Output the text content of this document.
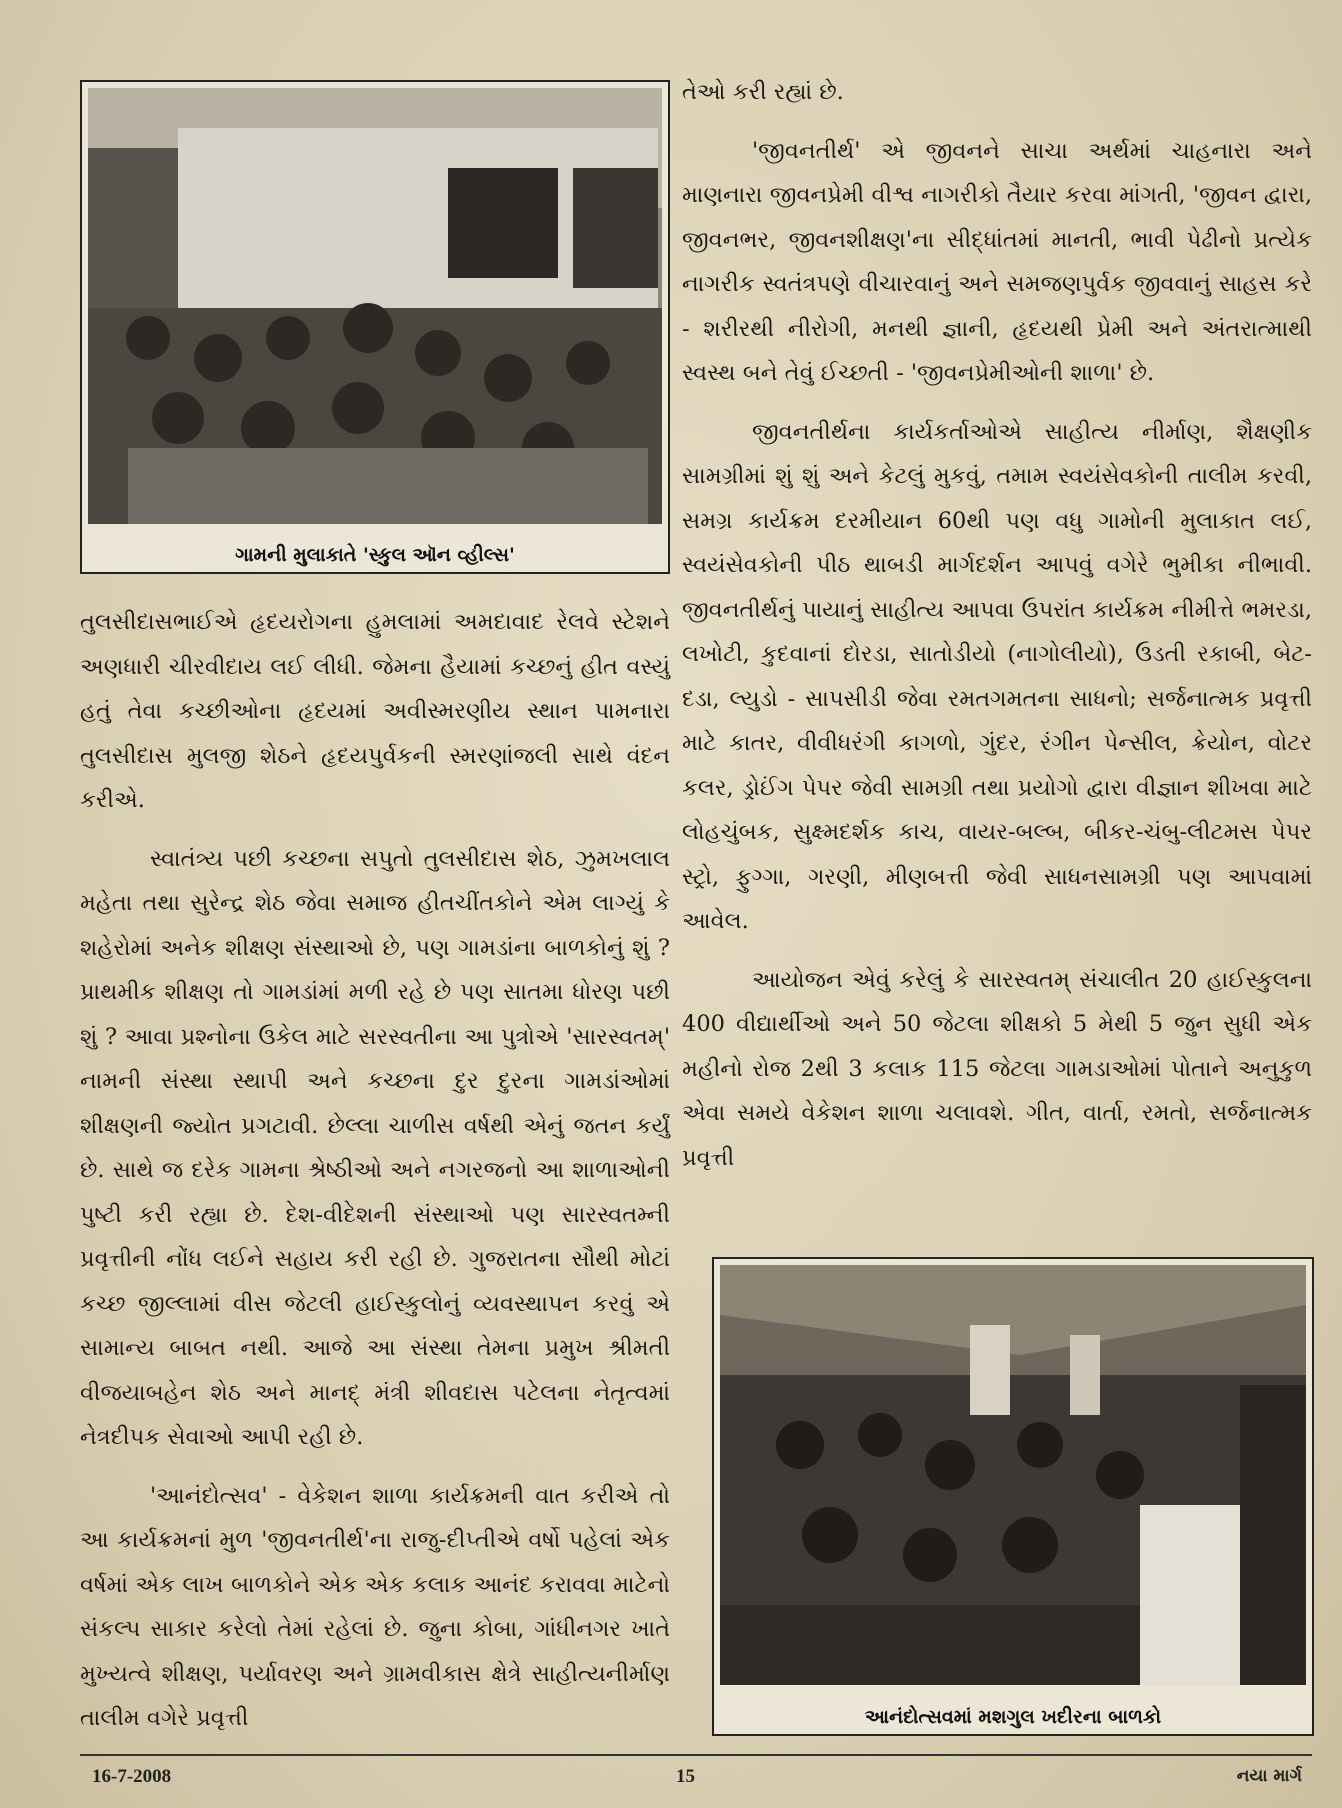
ગામની મુલાકાતે 'સ્કુલ ઑન વ્હીલ્સ'

તુલસીદાસભાઈએ હૃદયરોગના હુમલામાં અમદાવાદ રેલવે સ્ટેશને અણધારી ચીરવીદાય લઈ લીધી. જેમના હૈયામાં કચ્છનું હીત વસ્યું હતું તેવા કચ્છીઓના હૃદયમાં અવીસ્મરણીય સ્થાન પામનારા તુલસીદાસ મુલજી શેઠને હૃદયપુર્વકની સ્મરણાંજલી સાથે વંદન કરીએ.

સ્વાતંત્ર્ય પછી કચ્છના સપુતો તુલસીદાસ શેઠ, ઝુમખલાલ મહેતા તથા સુરેન્દ્ર શેઠ જેવા સમાજ હીતચીંતકોને એમ લાગ્યું કે શહેરોમાં અનેક શીક્ષણ સંસ્થાઓ છે, પણ ગામડાંના બાળકોનું શું ? પ્રાથમીક શીક્ષણ તો ગામડાંમાં મળી રહે છે પણ સાતમા ધોરણ પછી શું ? આવા પ્રશ્નોના ઉકેલ માટે સરસ્વતીના આ પુત્રોએ 'સારસ્વતમ્' નામની સંસ્થા સ્થાપી અને કચ્છના દુર દુરના ગામડાંઓમાં શીક્ષણની જ્યોત પ્રગટાવી. છેલ્લા ચાળીસ વર્ષથી એનું જતન કર્યું છે. સાથે જ દરેક ગામના શ્રેષ્ઠીઓ અને નગરજનો આ શાળાઓની પુષ્ટી કરી રહ્યા છે. દેશ-વીદેશની સંસ્થાઓ પણ સારસ્વતમ્ની પ્રવૃત્તીની નોંધ લઈને સહાય કરી રહી છે. ગુજરાતના સૌથી મોટાં કચ્છ જીલ્લામાં વીસ જેટલી હાઈસ્કુલોનું વ્યવસ્થાપન કરવું એ સામાન્ય બાબત નથી. આજે આ સંસ્થા તેમના પ્રમુખ શ્રીમતી વીજયાબહેન શેઠ અને માનદ્ મંત્રી શીવદાસ પટેલના નેતૃત્વમાં નેત્રદીપક સેવાઓ આપી રહી છે.

'આનંદોત્સવ' - વેકેશન શાળા કાર્યક્રમની વાત કરીએ તો આ કાર્યક્રમનાં મુળ 'જીવનતીર્થ'ના રાજુ-દીપ્તીએ વર્ષો પહેલાં એક વર્ષમાં એક લાખ બાળકોને એક એક કલાક આનંદ કરાવવા માટેનો સંકલ્પ સાકાર કરેલો તેમાં રહેલાં છે. જુના કોબા, ગાંધીનગર ખાતે મુખ્યત્વે શીક્ષણ, પર્યાવરણ અને ગ્રામવીકાસ ક્ષેત્રે સાહીત્યનીર્માણ તાલીમ વગેરે પ્રવૃત્તી

તેઓ કરી રહ્યાં છે.

'જીવનતીર્થ' એ જીવનને સાચા અર્થમાં ચાહનારા અને માણનારા જીવનપ્રેમી વીશ્વ નાગરીકો તૈયાર કરવા માંગતી, 'જીવન દ્વારા, જીવનભર, જીવનશીક્ષણ'ના સીદ્ધાંતમાં માનતી, ભાવી પેઢીનો પ્રત્યેક નાગરીક સ્વતંત્રપણે વીચારવાનું અને સમજણપુર્વક જીવવાનું સાહસ કરે - શરીરથી નીરોગી, મનથી જ્ઞાની, હૃદયથી પ્રેમી અને અંતરાત્માથી સ્વસ્થ બને તેવું ઈચ્છતી - 'જીવનપ્રેમીઓની શાળા' છે.

જીવનતીર્થના કાર્યકર્તાઓએ સાહીત્ય નીર્માણ, શૈક્ષણીક સામગ્રીમાં શું શું અને કેટલું મુકવું, તમામ સ્વયંસેવકોની તાલીમ કરવી, સમગ્ર કાર્યક્રમ દરમીયાન 60થી પણ વધુ ગામોની મુલાકાત લઈ, સ્વયંસેવકોની પીઠ થાબડી માર્ગદર્શન આપવું વગેરે ભુમીકા નીભાવી. જીવનતીર્થનું પાયાનું સાહીત્ય આપવા ઉપરાંત કાર્યક્રમ નીમીત્તે ભમરડા, લખોટી, કુદવાનાં દોરડા, સાતોડીયો (નાગોલીયો), ઉડતી રકાબી, બેટ-દડા, લ્યુડો - સાપસીડી જેવા રમતગમતના સાધનો; સર્જનાત્મક પ્રવૃત્તી માટે કાતર, વીવીધરંગી કાગળો, ગુંદર, રંગીન પેન્સીલ, ક્રેયોન, વોટર કલર, ડ્રોઈંગ પેપર જેવી સામગ્રી તથા પ્રયોગો દ્વારા વીજ્ઞાન શીખવા માટે લોહચુંબક, સુક્ષ્મદર્શક કાચ, વાયર-બલ્બ, બીકર-ચંબુ-લીટમસ પેપર સ્ટ્રો, ફુગ્ગા, ગરણી, મીણબત્તી જેવી સાધનસામગ્રી પણ આપવામાં આવેલ.

આયોજન એવું કરેલું કે સારસ્વતમ્ સંચાલીત 20 હાઈસ્કુલના 400 વીદ્યાર્થીઓ અને 50 જેટલા શીક્ષકો 5 મેથી 5 જુન સુધી એક મહીનો રોજ 2થી 3 કલાક 115 જેટલા ગામડાઓમાં પોતાને અનુકુળ એવા સમયે વેકેશન શાળા ચલાવશે. ગીત, વાર્તા, રમતો, સર્જનાત્મક પ્રવૃત્તી

આનંદોત્સવમાં મશગુલ ખદીરના બાળકો
16-7-2008	15	નયા માર્ગ
